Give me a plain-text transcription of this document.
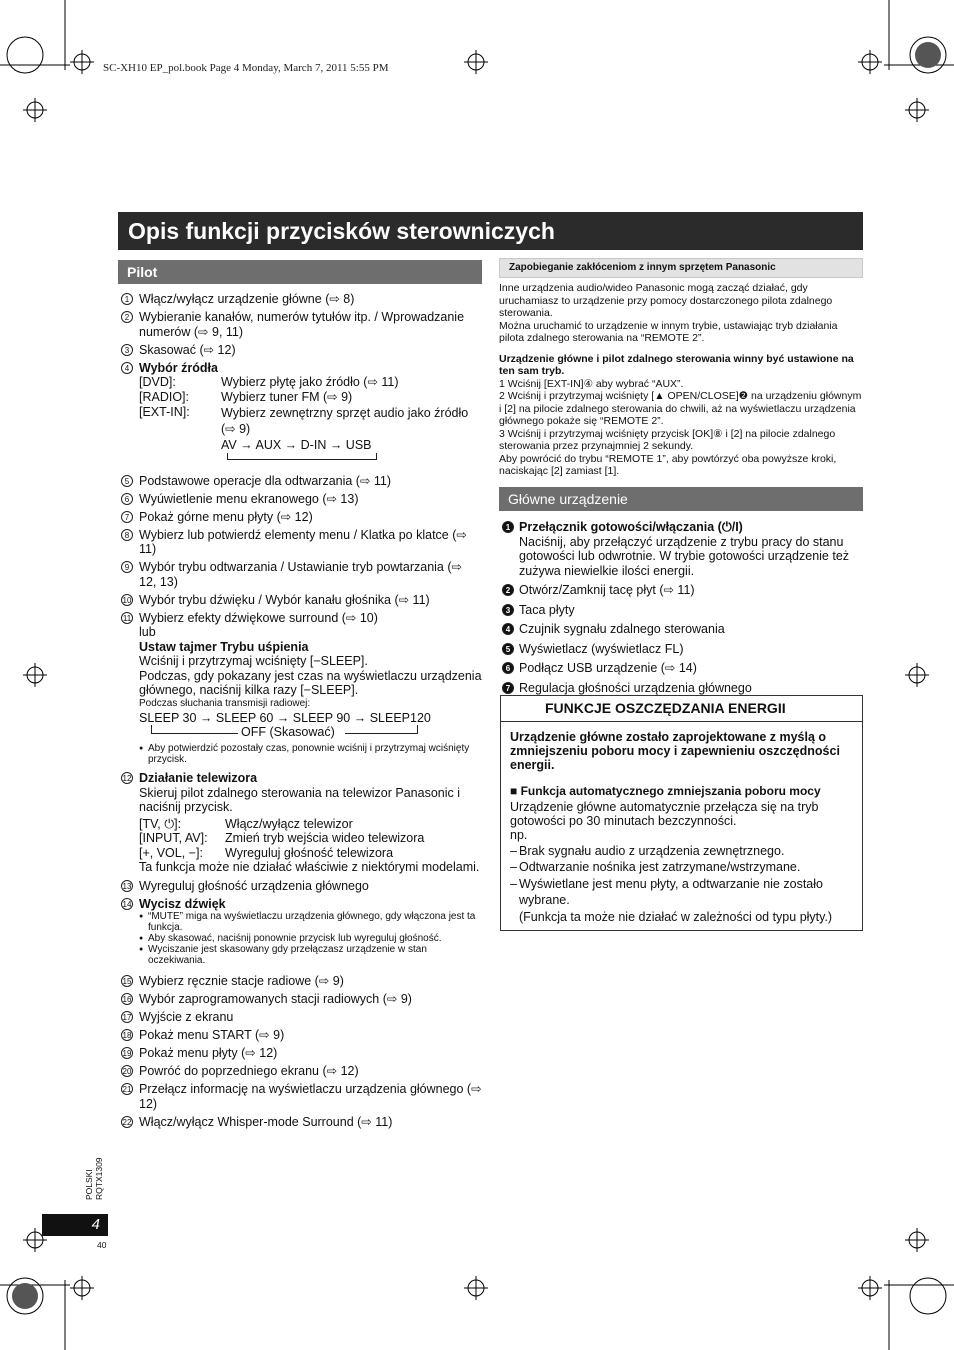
SC-XH10 EP_pol.book Page 4 Monday, March 7, 2011 5:55 PM
Opis funkcji przycisków sterowniczych
Pilot
1 Włącz/wyłącz urządzenie główne (⇨ 8)
2 Wybieranie kanałów, numerów tytułów itp. / Wprowadzanie numerów (⇨ 9, 11)
3 Skasować (⇨ 12)
4 Wybór źródła
[DVD]:	Wybierz płytę jako źródło (⇨ 11)
[RADIO]:	Wybierz tuner FM (⇨ 9)
[EXT-IN]:	Wybierz zewnętrzny sprzęt audio jako źródło (⇨ 9)
AV → AUX → D-IN → USB
5 Podstawowe operacje dla odtwarzania (⇨ 11)
6 Wyúwietlenie menu ekranowego (⇨ 13)
7 Pokaż górne menu płyty (⇨ 12)
8 Wybierz lub potwierdź elementy menu / Klatka po klatce (⇨ 11)
9 Wybór trybu odtwarzania / Ustawianie tryb powtarzania (⇨ 12, 13)
10 Wybór trybu dźwięku / Wybór kanału głośnika (⇨ 11)
11 Wybierz efekty dźwiękowe surround (⇨ 10)
lub
Ustaw tajmer Trybu uśpienia
Wciśnij i przytrzymaj wciśnięty [−SLEEP].
Podczas, gdy pokazany jest czas na wyświetlaczu urządzenia głównego, naciśnij kilka razy [−SLEEP].
Podczas słuchania transmisji radiowej:
SLEEP 30 → SLEEP 60 → SLEEP 90 → SLEEP120
OFF (Skasować)
● Aby potwierdzić pozostały czas, ponownie wciśnij i przytrzymaj wciśnięty przycisk.
12 Działanie telewizora
Skieruj pilot zdalnego sterowania na telewizor Panasonic i naciśnij przycisk.
[TV, ⏻]:	Włącz/wyłącz telewizor
[INPUT, AV]:	Zmień tryb wejścia wideo telewizora
[+, VOL, −]:	Wyreguluj głośność telewizora
Ta funkcja może nie działać właściwie z niektórymi modelami.
13 Wyreguluj głośność urządzenia głównego
14 Wycisz dźwięk
● “MUTE” miga na wyświetlaczu urządzenia głównego, gdy włączona jest ta funkcja.
● Aby skasować, naciśnij ponownie przycisk lub wyreguluj głośność.
● Wyciszanie jest skasowany gdy przełączasz urządzenie w stan oczekiwania.
15 Wybierz ręcznie stacje radiowe (⇨ 9)
16 Wybór zaprogramowanych stacji radiowych (⇨ 9)
17 Wyjście z ekranu
18 Pokaż menu START (⇨ 9)
19 Pokaż menu płyty (⇨ 12)
20 Powróć do poprzedniego ekranu (⇨ 12)
21 Przełącz informację na wyświetlaczu urządzenia głównego (⇨ 12)
22 Włącz/wyłącz Whisper-mode Surround (⇨ 11)
Zapobieganie zakłóceniom z innym sprzętem Panasonic

Inne urządzenia audio/wideo Panasonic mogą zacząć działać, gdy uruchamiasz to urządzenie przy pomocy dostarczonego pilota zdalnego sterowania.

Można uruchamić to urządzenie w innym trybie, ustawiając tryb działania pilota zdalnego sterowania na “REMOTE 2”.

Urządzenie główne i pilot zdalnego sterowania winny być ustawione na ten sam tryb.

1 Wciśnij [EXT-IN]④ aby wybrać “AUX”.

2 Wciśnij i przytrzymaj wciśnięty [▲ OPEN/CLOSE]❷ na urządzeniu głównym i [2] na pilocie zdalnego sterowania do chwili, aż na wyświetlaczu urządzenia głównego pokaże się “REMOTE 2”.

3 Wciśnij i przytrzymaj wciśnięty przycisk [OK]⑧ i [2] na pilocie zdalnego sterowania przez przynajmniej 2 sekundy.

Aby powrócić do trybu “REMOTE 1”, aby powtórzyć oba powyższe kroki, naciskając [2] zamiast [1].

Główne urządzenie
1 Przełącznik gotowości/włączania (⏻/I)
Naciśnij, aby przełączyć urządzenie z trybu pracy do stanu gotowości lub odwrotnie. W trybie gotowości urządzenie też zużywa niewielkie ilości energii.
2 Otwórz/Zamknij tacę płyt (⇨ 11)
3 Taca płyty
4 Czujnik sygnału zdalnego sterowania
5 Wyświetlacz (wyświetlacz FL)
6 Podłącz USB urządzenie (⇨ 14)
7 Regulacja głośności urządzenia głównego
FUNKCJE OSZCZĘDZANIA ENERGII
Urządzenie główne zostało zaprojektowane z myślą o zmniejszeniu poboru mocy i zapewnieniu oszczędności energii.
■ Funkcja automatycznego zmniejszania poboru mocy
Urządzenie główne automatycznie przełącza się na tryb gotowości po 30 minutach bezczynności.
np.
– Brak sygnału audio z urządzenia zewnętrznego.
– Odtwarzanie nośnika jest zatrzymane/wstrzymane.
– Wyświetlane jest menu płyty, a odtwarzanie nie zostało wybrane.
(Funkcja ta może nie działać w zależności od typu płyty.)
POLSKI RQTX1309
4
40
